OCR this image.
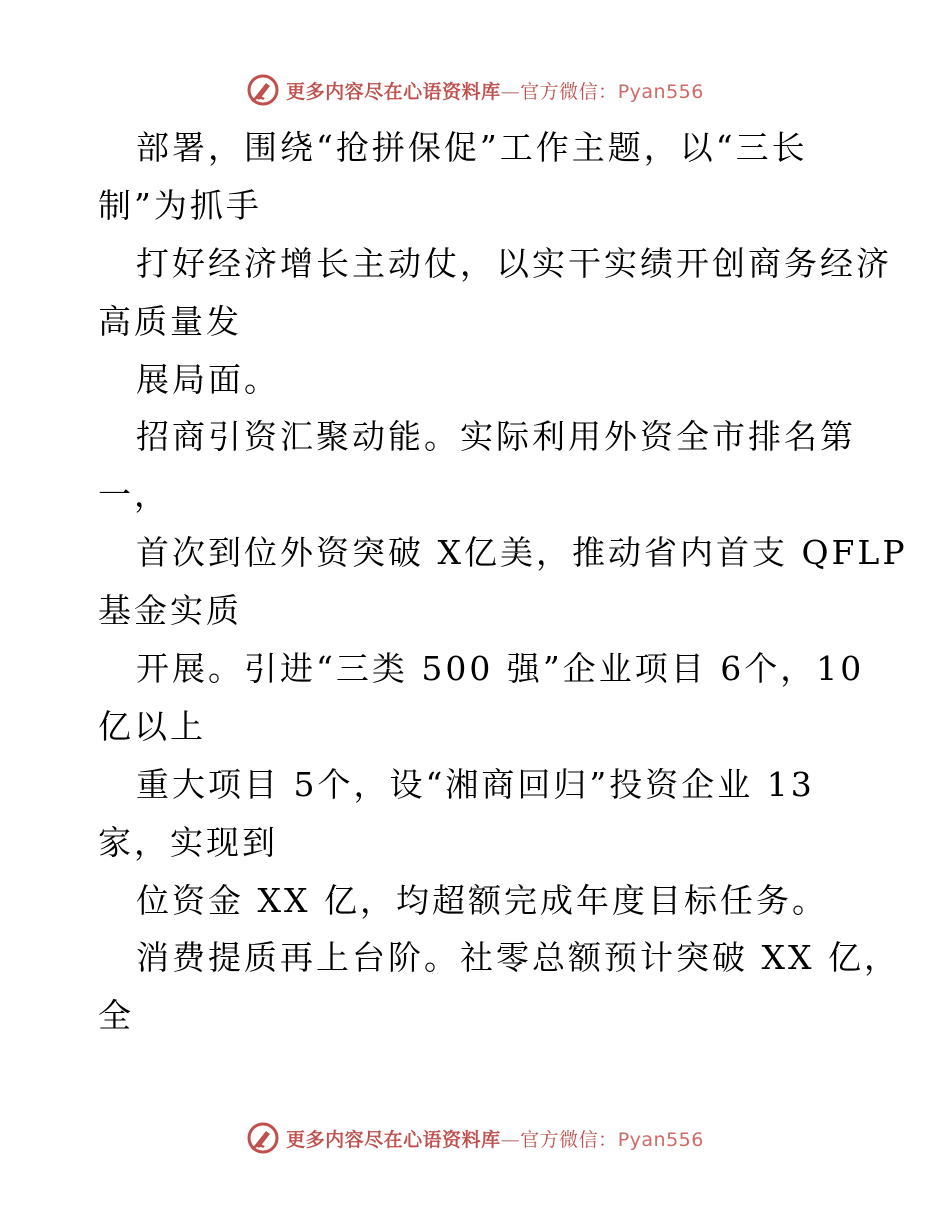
更多内容尽在心语资料库—官方微信：Pyan556
部署，围绕“抢拼保促”工作主题，以“三长
制”为抓手
打好经济增长主动仗，以实干实绩开创商务经济
高质量发
展局面。
招商引资汇聚动能。实际利用外资全市排名第
一，
首次到位外资突破 X亿美，推动省内首支 QFLP
基金实质
开展。引进“三类 500 强”企业项目 6个，10
亿以上
重大项目 5个，设“湘商回归”投资企业 13
家，实现到
位资金 XX 亿，均超额完成年度目标任务。
消费提质再上台阶。社零总额预计突破 XX 亿，
全
更多内容尽在心语资料库—官方微信：Pyan556
